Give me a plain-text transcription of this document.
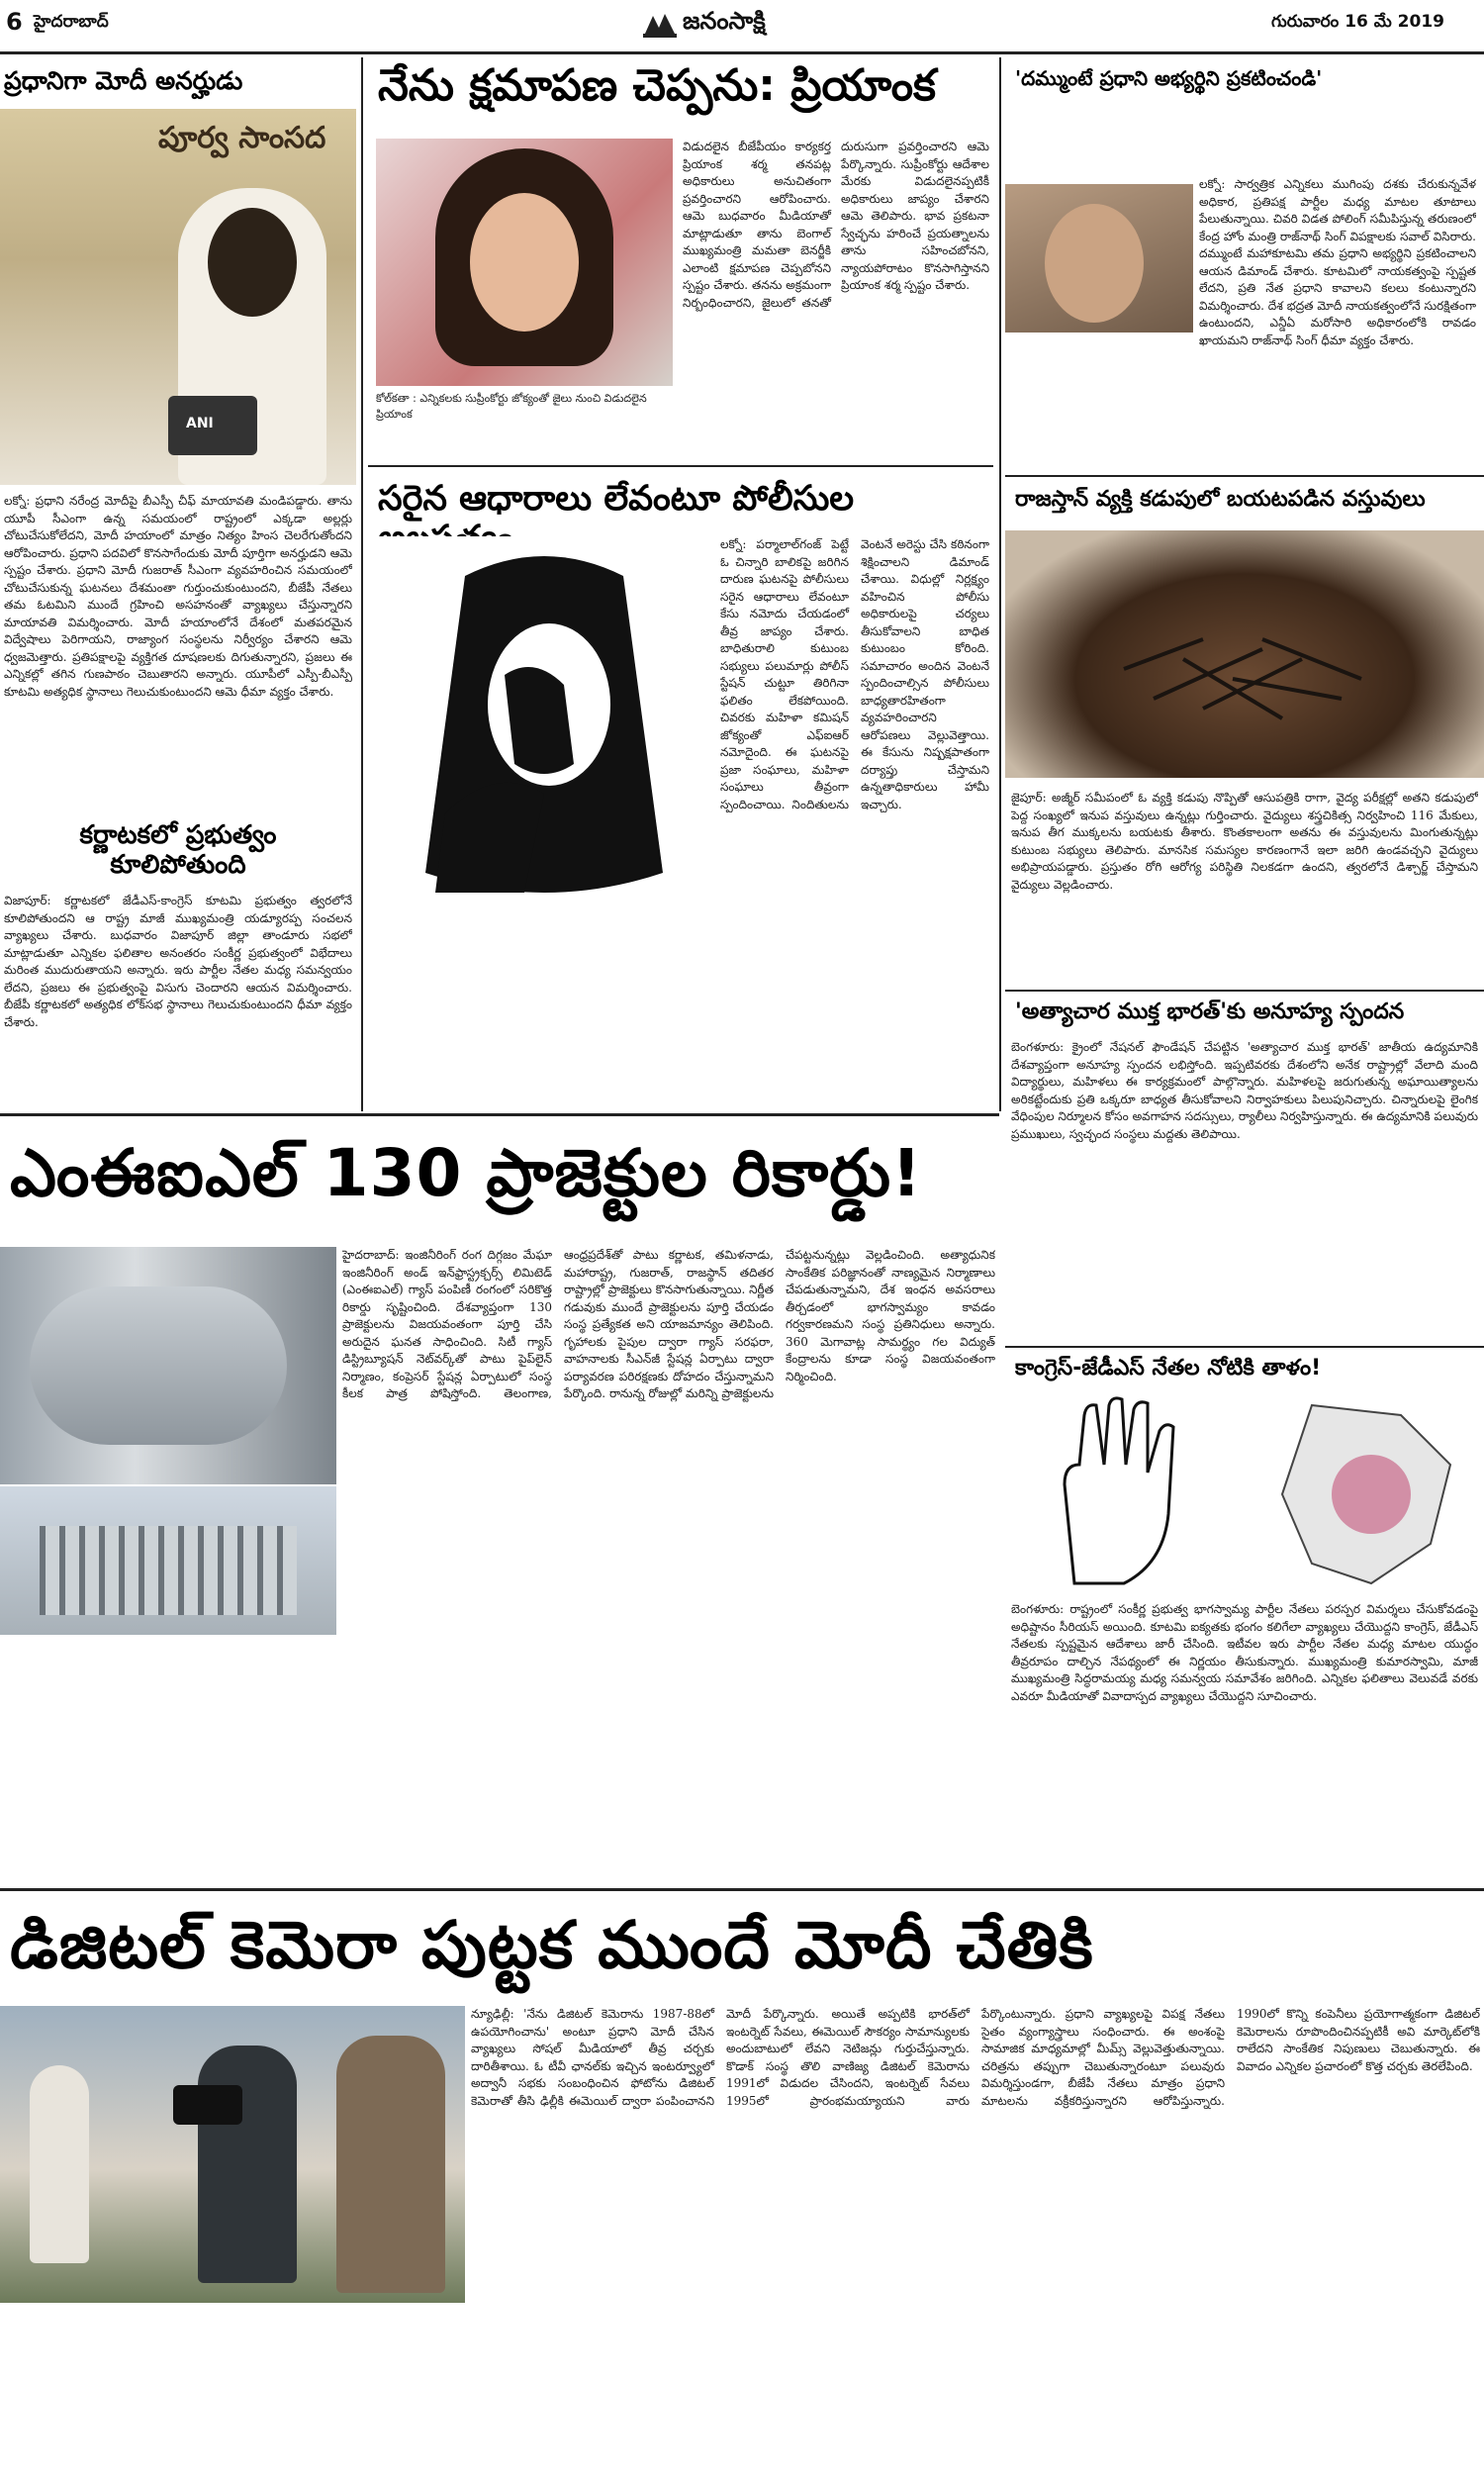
6 హైదరాబాద్	జనంసాక్షి	గురువారం 16 మే 2019
ప్రధానిగా మోదీ అనర్హుడు
పూర్వ సాంసద
ANI
లక్నో: ప్రధాని నరేంద్ర మోదీపై బీఎస్పీ చీఫ్ మాయావతి మండిపడ్డారు. తాను యూపీ సీఎంగా ఉన్న సమయంలో రాష్ట్రంలో ఎక్కడా అల్లర్లు చోటుచేసుకోలేదని, మోదీ హయాంలో మాత్రం నిత్యం హింస చెలరేగుతోందని ఆరోపించారు. ప్రధాని పదవిలో కొనసాగేందుకు మోదీ పూర్తిగా అనర్హుడని ఆమె స్పష్టం చేశారు. ప్రధాని మోదీ గుజరాత్ సీఎంగా వ్యవహరించిన సమయంలో చోటుచేసుకున్న ఘటనలు దేశమంతా గుర్తుంచుకుంటుందని, బీజేపీ నేతలు తమ ఓటమిని ముందే గ్రహించి అసహనంతో వ్యాఖ్యలు చేస్తున్నారని మాయావతి విమర్శించారు. మోదీ హయాంలోనే దేశంలో మతపరమైన విద్వేషాలు పెరిగాయని, రాజ్యాంగ సంస్థలను నిర్వీర్యం చేశారని ఆమె ధ్వజమెత్తారు. ప్రతిపక్షాలపై వ్యక్తిగత దూషణలకు దిగుతున్నారని, ప్రజలు ఈ ఎన్నికల్లో తగిన గుణపాఠం చెబుతారని అన్నారు. యూపీలో ఎస్పీ-బీఎస్పీ కూటమి అత్యధిక స్థానాలు గెలుచుకుంటుందని ఆమె ధీమా వ్యక్తం చేశారు.
కర్ణాటకలో ప్రభుత్వం కూలిపోతుంది
విజాపూర్: కర్ణాటకలో జేడీఎస్-కాంగ్రెస్ కూటమి ప్రభుత్వం త్వరలోనే కూలిపోతుందని ఆ రాష్ట్ర మాజీ ముఖ్యమంత్రి యడ్యూరప్ప సంచలన వ్యాఖ్యలు చేశారు. బుధవారం విజాపూర్ జిల్లా తాండూరు సభలో మాట్లాడుతూ ఎన్నికల ఫలితాల అనంతరం సంకీర్ణ ప్రభుత్వంలో విభేదాలు మరింత ముదురుతాయని అన్నారు. ఇరు పార్టీల నేతల మధ్య సమన్వయం లేదని, ప్రజలు ఈ ప్రభుత్వంపై విసుగు చెందారని ఆయన విమర్శించారు. బీజేపీ కర్ణాటకలో అత్యధిక లోక్‌సభ స్థానాలు గెలుచుకుంటుందని ధీమా వ్యక్తం చేశారు.
నేను క్షమాపణ చెప్పను: ప్రియాంక
కోల్‌కతా : ఎన్నికలకు సుప్రీంకోర్టు జోక్యంతో జైలు నుంచి విడుదలైన ప్రియాంక
విడుదలైన బీజేపీయం కార్యకర్త ప్రియాంక శర్మ తనపట్ల అధికారులు అనుచితంగా ప్రవర్తించారని ఆరోపించారు. ఆమె బుధవారం మీడియాతో మాట్లాడుతూ తాను బెంగాల్ ముఖ్యమంత్రి మమతా బెనర్జీకి ఎలాంటి క్షమాపణ చెప్పబోనని స్పష్టం చేశారు. తనను అక్రమంగా నిర్బంధించారని, జైలులో తనతో దురుసుగా ప్రవర్తించారని ఆమె పేర్కొన్నారు. సుప్రీంకోర్టు ఆదేశాల మేరకు విడుదలైనప్పటికీ అధికారులు జాప్యం చేశారని ఆమె తెలిపారు. భావ ప్రకటనా స్వేచ్ఛను హరించే ప్రయత్నాలను తాను సహించబోనని, న్యాయపోరాటం కొనసాగిస్తానని ప్రియాంక శర్మ స్పష్టం చేశారు.
సరైన ఆధారాలు లేవంటూ పోలీసుల
లక్నో: పర్మాలాల్‌గంజ్ పెట్టే ఓ చిన్నారి బాలికపై జరిగిన దారుణ ఘటనపై పోలీసులు సరైన ఆధారాలు లేవంటూ కేసు నమోదు చేయడంలో తీవ్ర జాప్యం చేశారు. బాధితురాలి కుటుంబ సభ్యులు పలుమార్లు పోలీస్ స్టేషన్ చుట్టూ తిరిగినా ఫలితం లేకపోయింది. చివరకు మహిళా కమిషన్ జోక్యంతో ఎఫ్ఐఆర్ నమోదైంది. ఈ ఘటనపై ప్రజా సంఘాలు, మహిళా సంఘాలు తీవ్రంగా స్పందించాయి. నిందితులను వెంటనే అరెస్టు చేసి కఠినంగా శిక్షించాలని డిమాండ్ చేశాయి. విధుల్లో నిర్లక్ష్యం వహించిన పోలీసు అధికారులపై చర్యలు తీసుకోవాలని బాధిత కుటుంబం కోరింది. సమాచారం అందిన వెంటనే స్పందించాల్సిన పోలీసులు బాధ్యతారహితంగా వ్యవహరించారని ఆరోపణలు వెల్లువెత్తాయి. ఈ కేసును నిష్పక్షపాతంగా దర్యాప్తు చేస్తామని ఉన్నతాధికారులు హామీ ఇచ్చారు.
'దమ్ముంటే ప్రధాని అభ్యర్థిని ప్రకటించండి'
లక్నో: సార్వత్రిక ఎన్నికలు ముగింపు దశకు చేరుకున్నవేళ అధికార, ప్రతిపక్ష పార్టీల మధ్య మాటల తూటాలు పేలుతున్నాయి. చివరి విడత పోలింగ్ సమీపిస్తున్న తరుణంలో కేంద్ర హోం మంత్రి రాజ్‌నాథ్ సింగ్ విపక్షాలకు సవాల్ విసిరారు. దమ్ముంటే మహాకూటమి తమ ప్రధాని అభ్యర్థిని ప్రకటించాలని ఆయన డిమాండ్ చేశారు. కూటమిలో నాయకత్వంపై స్పష్టత లేదని, ప్రతి నేత ప్రధాని కావాలని కలలు కంటున్నారని విమర్శించారు. దేశ భద్రత మోదీ నాయకత్వంలోనే సురక్షితంగా ఉంటుందని, ఎన్డీఏ మరోసారి అధికారంలోకి రావడం ఖాయమని రాజ్‌నాథ్ సింగ్ ధీమా వ్యక్తం చేశారు.
రాజస్తాన్ వ్యక్తి కడుపులో బయటపడిన వస్తువులు
జైపూర్: అజ్మీర్ సమీపంలో ఓ వ్యక్తి కడుపు నొప్పితో ఆసుపత్రికి రాగా, వైద్య పరీక్షల్లో అతని కడుపులో పెద్ద సంఖ్యలో ఇనుప వస్తువులు ఉన్నట్లు గుర్తించారు. వైద్యులు శస్త్రచికిత్స నిర్వహించి 116 మేకులు, ఇనుప తీగ ముక్కలను బయటకు తీశారు. కొంతకాలంగా అతను ఈ వస్తువులను మింగుతున్నట్లు కుటుంబ సభ్యులు తెలిపారు. మానసిక సమస్యల కారణంగానే ఇలా జరిగి ఉండవచ్చని వైద్యులు అభిప్రాయపడ్డారు. ప్రస్తుతం రోగి ఆరోగ్య పరిస్థితి నిలకడగా ఉందని, త్వరలోనే డిశ్చార్జ్ చేస్తామని వైద్యులు వెల్లడించారు.
'అత్యాచార ముక్త భారత్'కు అనూహ్య స్పందన
బెంగళూరు: క్రైంలో నేషనల్ ఫౌండేషన్ చేపట్టిన 'అత్యాచార ముక్త భారత్' జాతీయ ఉద్యమానికి దేశవ్యాప్తంగా అనూహ్య స్పందన లభిస్తోంది. ఇప్పటివరకు దేశంలోని అనేక రాష్ట్రాల్లో వేలాది మంది విద్యార్థులు, మహిళలు ఈ కార్యక్రమంలో పాల్గొన్నారు. మహిళలపై జరుగుతున్న అఘాయిత్యాలను అరికట్టేందుకు ప్రతి ఒక్కరూ బాధ్యత తీసుకోవాలని నిర్వాహకులు పిలుపునిచ్చారు. చిన్నారులపై లైంగిక వేధింపుల నిర్మూలన కోసం అవగాహన సదస్సులు, ర్యాలీలు నిర్వహిస్తున్నారు. ఈ ఉద్యమానికి పలువురు ప్రముఖులు, స్వచ్ఛంద సంస్థలు మద్దతు తెలిపాయి.
ఎంఈఐఎల్ 130 ప్రాజెక్టుల రికార్డు!
హైదరాబాద్: ఇంజినీరింగ్ రంగ దిగ్గజం మేఘా ఇంజినీరింగ్ అండ్ ఇన్‌ఫ్రాస్ట్రక్చర్స్ లిమిటెడ్ (ఎంఈఐఎల్) గ్యాస్ పంపిణీ రంగంలో సరికొత్త రికార్డు సృష్టించింది. దేశవ్యాప్తంగా 130 ప్రాజెక్టులను విజయవంతంగా పూర్తి చేసి అరుదైన ఘనత సాధించింది. సిటీ గ్యాస్ డిస్ట్రిబ్యూషన్ నెట్‌వర్క్‌తో పాటు పైప్‌లైన్ నిర్మాణం, కంప్రెసర్ స్టేషన్ల ఏర్పాటులో సంస్థ కీలక పాత్ర పోషిస్తోంది. తెలంగాణ, ఆంధ్రప్రదేశ్‌తో పాటు కర్ణాటక, తమిళనాడు, మహారాష్ట్ర, గుజరాత్, రాజస్థాన్ తదితర రాష్ట్రాల్లో ప్రాజెక్టులు కొనసాగుతున్నాయి. నిర్ణీత గడువుకు ముందే ప్రాజెక్టులను పూర్తి చేయడం సంస్థ ప్రత్యేకత అని యాజమాన్యం తెలిపింది. గృహాలకు పైపుల ద్వారా గ్యాస్ సరఫరా, వాహనాలకు సీఎన్‌జీ స్టేషన్ల ఏర్పాటు ద్వారా పర్యావరణ పరిరక్షణకు దోహదం చేస్తున్నామని పేర్కొంది. రానున్న రోజుల్లో మరిన్ని ప్రాజెక్టులను చేపట్టనున్నట్లు వెల్లడించింది. అత్యాధునిక సాంకేతిక పరిజ్ఞానంతో నాణ్యమైన నిర్మాణాలు చేపడుతున్నామని, దేశ ఇంధన అవసరాలు తీర్చడంలో భాగస్వామ్యం కావడం గర్వకారణమని సంస్థ ప్రతినిధులు అన్నారు. 360 మెగావాట్ల సామర్థ్యం గల విద్యుత్ కేంద్రాలను కూడా సంస్థ విజయవంతంగా నిర్మించింది.	కాంగ్రెస్-జేడీఎస్ నేతల నోటికి తాళం!
బెంగళూరు: రాష్ట్రంలో సంకీర్ణ ప్రభుత్వ భాగస్వామ్య పార్టీల నేతలు పరస్పర విమర్శలు చేసుకోవడంపై అధిష్టానం సీరియస్ అయింది. కూటమి ఐక్యతకు భంగం కలిగేలా వ్యాఖ్యలు చేయొద్దని కాంగ్రెస్, జేడీఎస్ నేతలకు స్పష్టమైన ఆదేశాలు జారీ చేసింది. ఇటీవల ఇరు పార్టీల నేతల మధ్య మాటల యుద్ధం తీవ్రరూపం దాల్చిన నేపథ్యంలో ఈ నిర్ణయం తీసుకున్నారు. ముఖ్యమంత్రి కుమారస్వామి, మాజీ ముఖ్యమంత్రి సిద్ధరామయ్య మధ్య సమన్వయ సమావేశం జరిగింది. ఎన్నికల ఫలితాలు వెలువడే వరకు ఎవరూ మీడియాతో వివాదాస్పద వ్యాఖ్యలు చేయొద్దని సూచించారు.
డిజిటల్ కెమెరా పుట్టక ముందే మోదీ చేతికి
న్యూఢిల్లీ: 'నేను డిజిటల్ కెమెరాను 1987-88లో ఉపయోగించాను' అంటూ ప్రధాని మోదీ చేసిన వ్యాఖ్యలు సోషల్ మీడియాలో తీవ్ర చర్చకు దారితీశాయి. ఓ టీవీ ఛానల్‌కు ఇచ్చిన ఇంటర్వ్యూలో అద్వానీ సభకు సంబంధించిన ఫోటోను డిజిటల్ కెమెరాతో తీసి ఢిల్లీకి ఈమెయిల్ ద్వారా పంపించానని మోదీ పేర్కొన్నారు. అయితే అప్పటికి భారత్‌లో ఇంటర్నెట్ సేవలు, ఈమెయిల్ సౌకర్యం సామాన్యులకు అందుబాటులో లేవని నెటిజన్లు గుర్తుచేస్తున్నారు. కొడాక్ సంస్థ తొలి వాణిజ్య డిజిటల్ కెమెరాను 1991లో విడుదల చేసిందని, ఇంటర్నెట్ సేవలు 1995లో ప్రారంభమయ్యాయని వారు పేర్కొంటున్నారు. ప్రధాని వ్యాఖ్యలపై విపక్ష నేతలు సైతం వ్యంగ్యాస్త్రాలు సంధించారు. ఈ అంశంపై సామాజిక మాధ్యమాల్లో మీమ్స్ వెల్లువెత్తుతున్నాయి. చరిత్రను తప్పుగా చెబుతున్నారంటూ పలువురు విమర్శిస్తుండగా, బీజేపీ నేతలు మాత్రం ప్రధాని మాటలను వక్రీకరిస్తున్నారని ఆరోపిస్తున్నారు. 1990లో కొన్ని కంపెనీలు ప్రయోగాత్మకంగా డిజిటల్ కెమెరాలను రూపొందించినప్పటికీ అవి మార్కెట్‌లోకి రాలేదని సాంకేతిక నిపుణులు చెబుతున్నారు. ఈ వివాదం ఎన్నికల ప్రచారంలో కొత్త చర్చకు తెరలేపింది.
